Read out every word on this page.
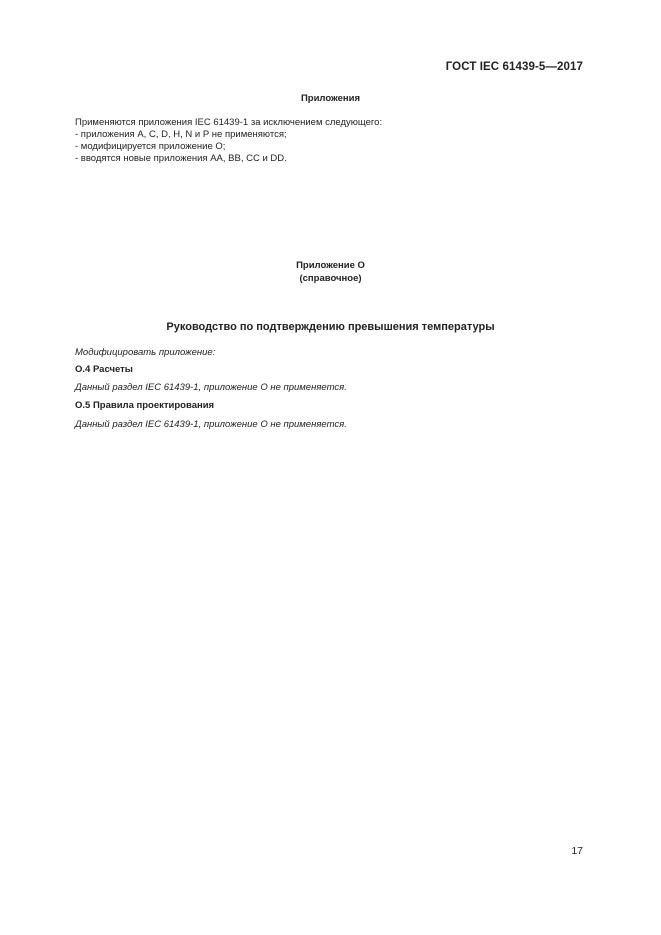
ГОСТ IEC 61439-5—2017
Приложения
Применяются приложения IEC 61439-1 за исключением следующего:
- приложения А, С, D, Н, N и Р не применяются;
- модифицируется приложение О;
- вводятся новые приложения АА, ВВ, СС и DD.
Приложение О
(справочное)
Руководство по подтверждению превышения температуры
Модифицировать приложение:
О.4 Расчеты
Данный раздел IEC 61439-1, приложение О не применяется.
О.5 Правила проектирования
Данный раздел IEC 61439-1, приложение О не применяется.
17
